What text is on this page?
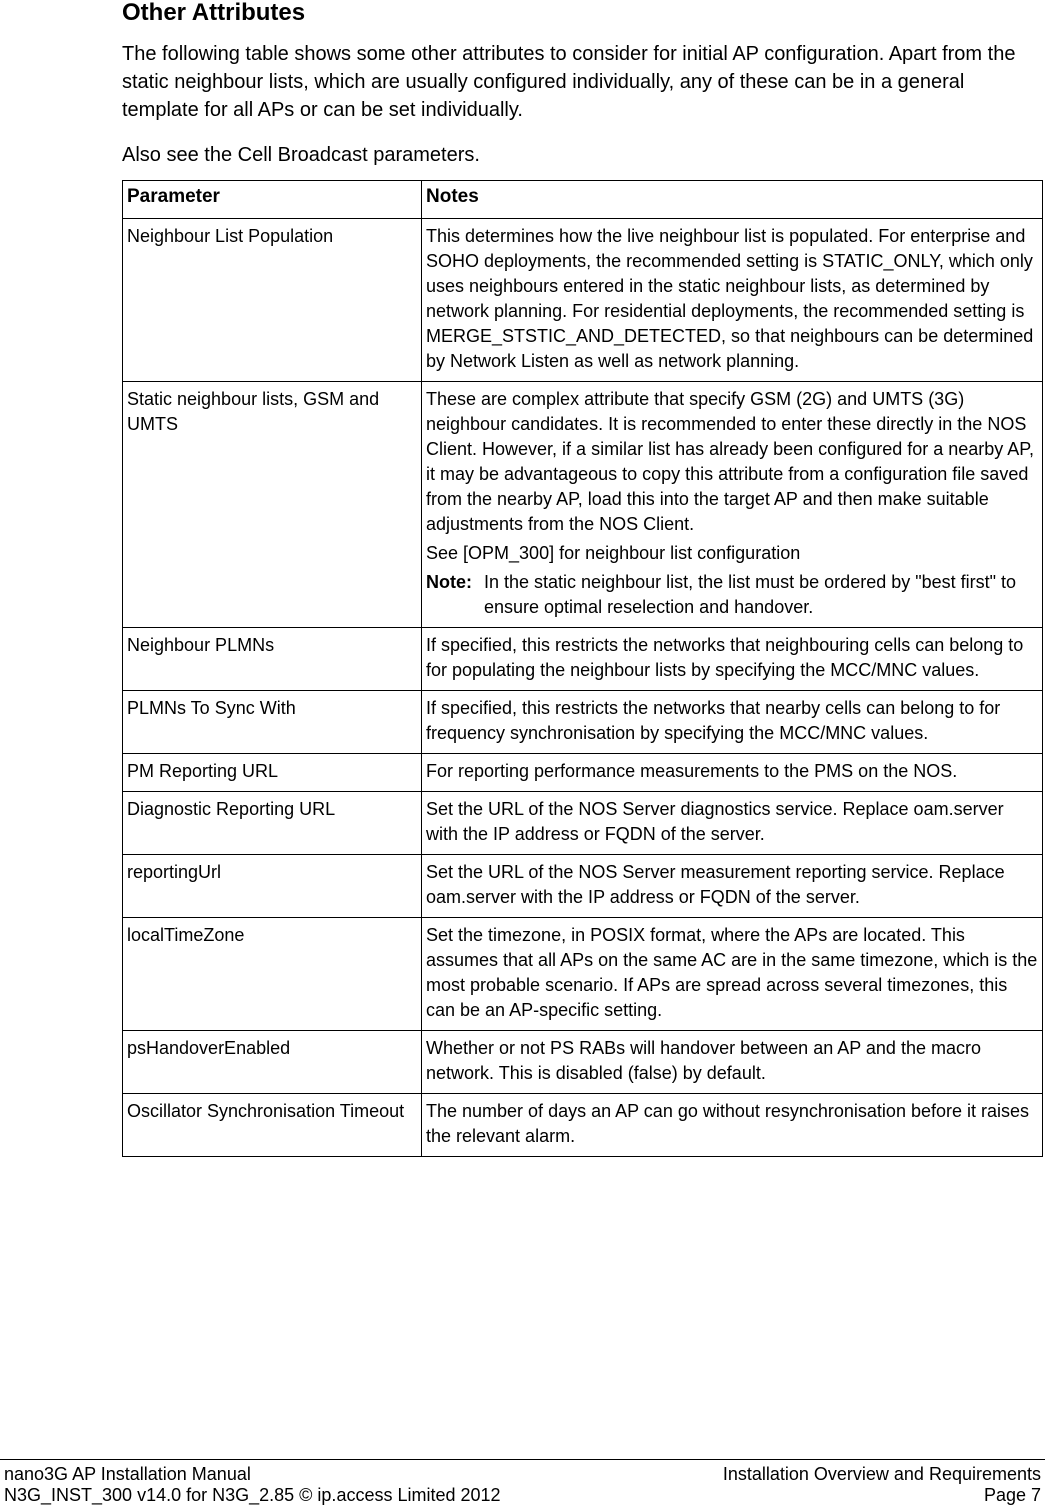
Other Attributes

The following table shows some other attributes to consider for initial AP configuration. Apart from the static neighbour lists, which are usually configured individually, any of these can be in a general template for all APs or can be set individually.

Also see the Cell Broadcast parameters.

Parameter	Notes
Neighbour List Population	This determines how the live neighbour list is populated. For enterprise and SOHO deployments, the recommended setting is STATIC_ONLY, which only uses neighbours entered in the static neighbour lists, as determined by network planning. For residential deployments, the recommended setting is MERGE_STSTIC_AND_DETECTED, so that neighbours can be determined by Network Listen as well as network planning.
Static neighbour lists, GSM and UMTS	These are complex attribute that specify GSM (2G) and UMTS (3G) neighbour candidates. It is recommended to enter these directly in the NOS Client. However, if a similar list has already been configured for a nearby AP, it may be advantageous to copy this attribute from a configuration file saved from the nearby AP, load this into the target AP and then make suitable adjustments from the NOS Client.
See [OPM_300] for neighbour list configuration
Note: In the static neighbour list, the list must be ordered by "best first" to ensure optimal reselection and handover.

Neighbour PLMNs	If specified, this restricts the networks that neighbouring cells can belong to for populating the neighbour lists by specifying the MCC/MNC values.
PLMNs To Sync With	If specified, this restricts the networks that nearby cells can belong to for frequency synchronisation by specifying the MCC/MNC values.
PM Reporting URL	For reporting performance measurements to the PMS on the NOS.
Diagnostic Reporting URL	Set the URL of the NOS Server diagnostics service. Replace oam.server with the IP address or FQDN of the server.
reportingUrl	Set the URL of the NOS Server measurement reporting service. Replace oam.server with the IP address or FQDN of the server.
localTimeZone	Set the timezone, in POSIX format, where the APs are located. This assumes that all APs on the same AC are in the same timezone, which is the most probable scenario. If APs are spread across several timezones, this can be an AP-specific setting.
psHandoverEnabled	Whether or not PS RABs will handover between an AP and the macro network. This is disabled (false) by default.
Oscillator Synchronisation Timeout	The number of days an AP can go without resynchronisation before it raises the relevant alarm.
nano3G AP Installation Manual	Installation Overview and Requirements
N3G_INST_300 v14.0 for N3G_2.85 © ip.access Limited 2012	Page 7
